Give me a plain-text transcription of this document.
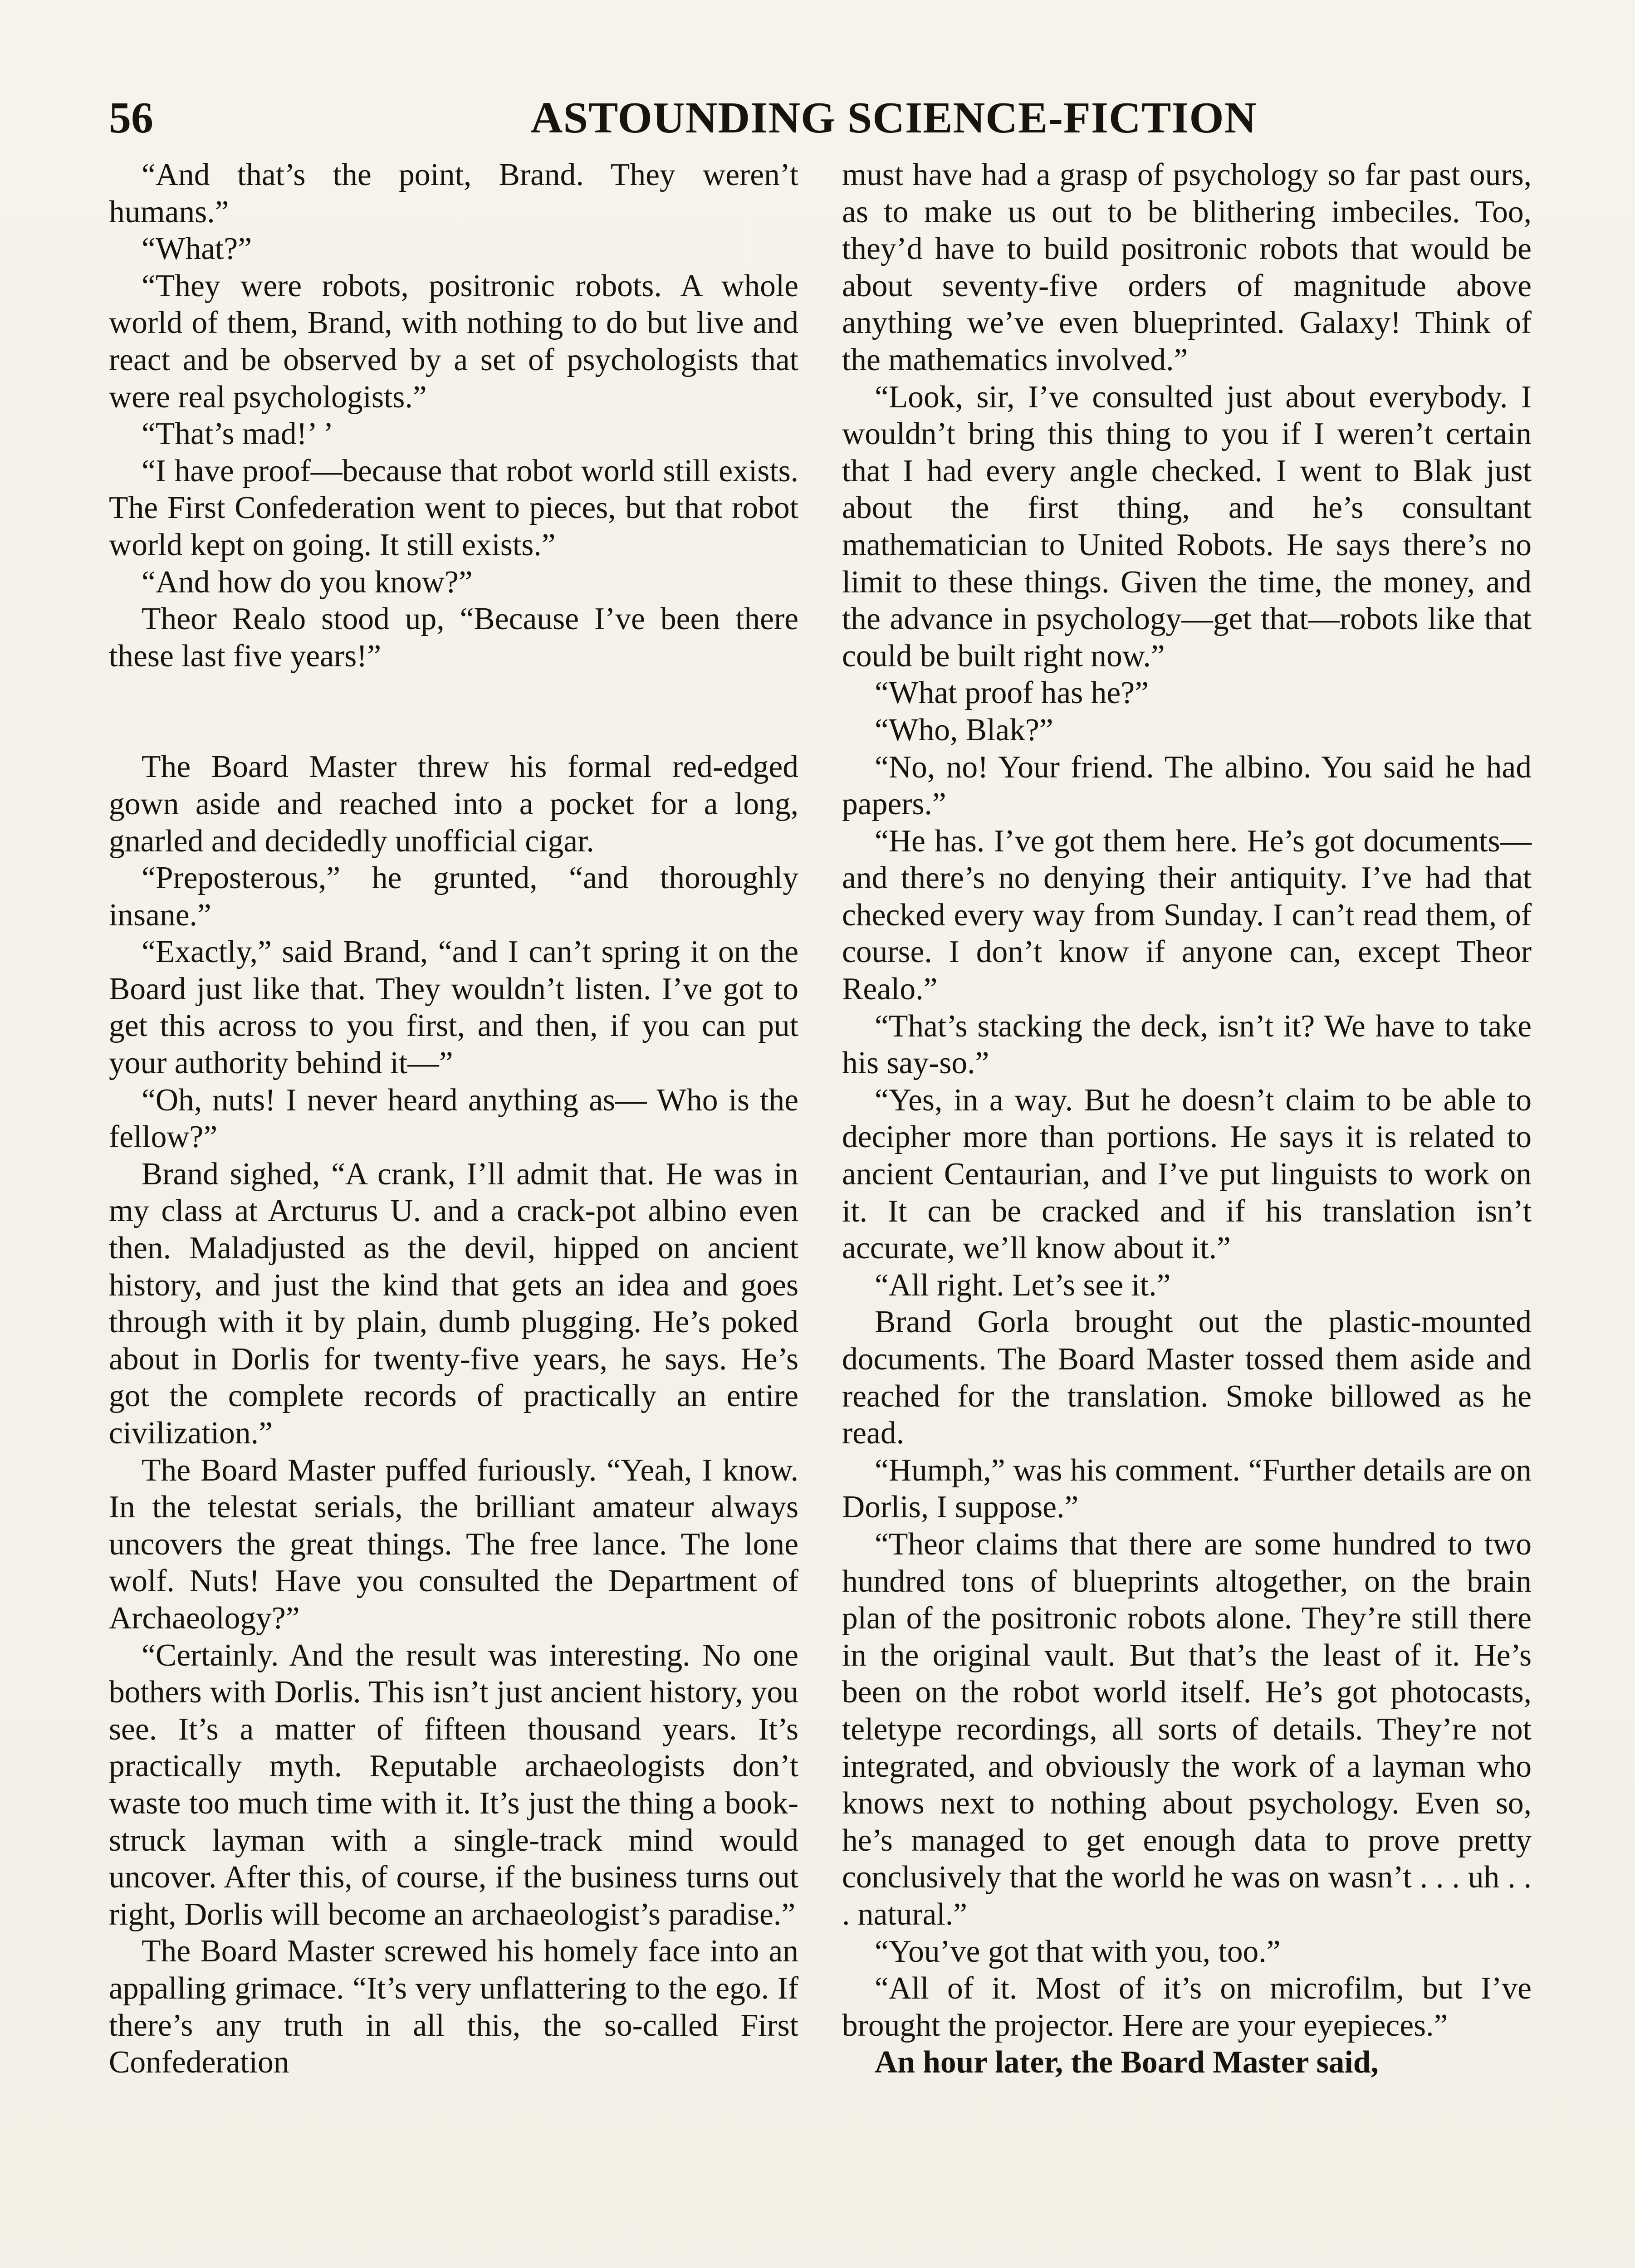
56	ASTOUNDING SCIENCE-FICTION

“And that’s the point, Brand. They weren’t humans.”

“What?”

“They were robots, positronic robots. A whole world of them, Brand, with nothing to do but live and react and be observed by a set of psychologists that were real psychologists.”

“That’s mad!’ ’

“I have proof—because that robot world still exists. The First Confederation went to pieces, but that robot world kept on going. It still exists.”

“And how do you know?”

Theor Realo stood up, “Because I’ve been there these last five years!”

The Board Master threw his formal red-edged gown aside and reached into a pocket for a long, gnarled and decidedly unofficial cigar.

“Preposterous,” he grunted, “and thoroughly insane.”

“Exactly,” said Brand, “and I can’t spring it on the Board just like that. They wouldn’t listen. I’ve got to get this across to you first, and then, if you can put your authority behind it—”

“Oh, nuts! I never heard anything as— Who is the fellow?”

Brand sighed, “A crank, I’ll admit that. He was in my class at Arcturus U. and a crack-pot albino even then. Maladjusted as the devil, hipped on ancient history, and just the kind that gets an idea and goes through with it by plain, dumb plugging. He’s poked about in Dorlis for twenty-five years, he says. He’s got the complete records of practically an entire civilization.”

The Board Master puffed furiously. “Yeah, I know. In the telestat serials, the brilliant amateur always uncovers the great things. The free lance. The lone wolf. Nuts! Have you consulted the Department of Archaeology?”

“Certainly. And the result was interesting. No one bothers with Dorlis. This isn’t just ancient history, you see. It’s a matter of fifteen thousand years. It’s practically myth. Reputable archaeologists don’t waste too much time with it. It’s just the thing a book-struck layman with a single-track mind would uncover. After this, of course, if the business turns out right, Dorlis will become an archaeologist’s paradise.”

The Board Master screwed his homely face into an appalling grimace. “It’s very unflattering to the ego. If there’s any truth in all this, the so-called First Confederation

must have had a grasp of psychology so far past ours, as to make us out to be blithering imbeciles. Too, they’d have to build positronic robots that would be about seventy-five orders of magnitude above anything we’ve even blueprinted. Galaxy! Think of the mathematics involved.”

“Look, sir, I’ve consulted just about everybody. I wouldn’t bring this thing to you if I weren’t certain that I had every angle checked. I went to Blak just about the first thing, and he’s consultant mathematician to United Robots. He says there’s no limit to these things. Given the time, the money, and the advance in psychology—get that—robots like that could be built right now.”

“What proof has he?”

“Who, Blak?”

“No, no! Your friend. The albino. You said he had papers.”

“He has. I’ve got them here. He’s got documents—and there’s no denying their antiquity. I’ve had that checked every way from Sunday. I can’t read them, of course. I don’t know if anyone can, except Theor Realo.”

“That’s stacking the deck, isn’t it? We have to take his say-so.”

“Yes, in a way. But he doesn’t claim to be able to decipher more than portions. He says it is related to ancient Centaurian, and I’ve put linguists to work on it. It can be cracked and if his translation isn’t accurate, we’ll know about it.”

“All right. Let’s see it.”

Brand Gorla brought out the plastic-mounted documents. The Board Master tossed them aside and reached for the translation. Smoke billowed as he read.

“Humph,” was his comment. “Further details are on Dorlis, I suppose.”

“Theor claims that there are some hundred to two hundred tons of blueprints altogether, on the brain plan of the positronic robots alone. They’re still there in the original vault. But that’s the least of it. He’s been on the robot world itself. He’s got photocasts, teletype recordings, all sorts of details. They’re not integrated, and obviously the work of a layman who knows next to nothing about psychology. Even so, he’s managed to get enough data to prove pretty conclusively that the world he was on wasn’t . . . uh . . . natural.”

“You’ve got that with you, too.”

“All of it. Most of it’s on microfilm, but I’ve brought the projector. Here are your eyepieces.”

An hour later, the Board Master said,
